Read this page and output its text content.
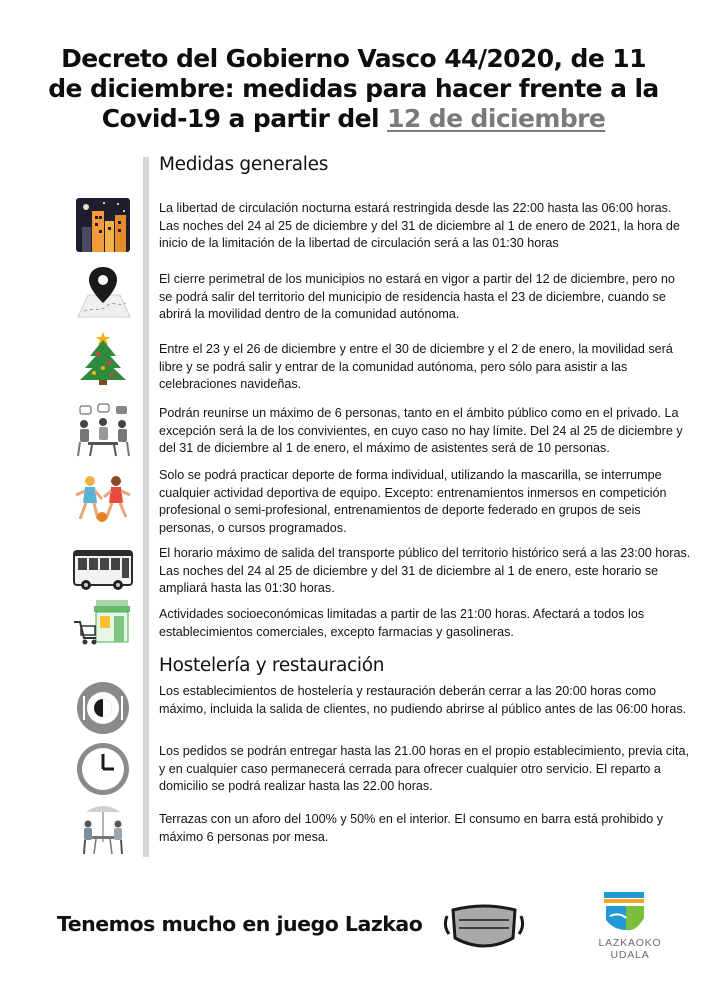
Decreto del Gobierno Vasco 44/2020, de 11
de diciembre: medidas para hacer frente a la
Covid-19 a partir del 12 de diciembre
Medidas generales
La libertad de circulación nocturna estará restringida desde las 22:00 hasta las 06:00 horas. Las noches del 24 al 25 de diciembre y del 31 de diciembre al 1 de enero de 2021, la hora de inicio de la limitación de la libertad de circulación será a las 01:30 horas
El cierre perimetral de los municipios no estará en vigor a partir del 12 de diciembre, pero no se podrá salir del territorio del municipio de residencia hasta el 23 de diciembre, cuando se abrirá la movilidad dentro de la comunidad autónoma.
Entre el 23 y el 26 de diciembre y entre el 30 de diciembre y el 2 de enero, la movilidad será libre y se podrá salir y entrar de la comunidad autónoma, pero sólo para asistir a las celebraciones navideñas.
Podrán reunirse un máximo de 6 personas, tanto en el ámbito público como en el privado. La excepción será la de los convivientes, en cuyo caso no hay límite. Del 24 al 25 de diciembre y del 31 de diciembre al 1 de enero, el máximo de asistentes será de 10 personas.
Solo se podrá practicar deporte de forma individual, utilizando la mascarilla, se interrumpe cualquier actividad deportiva de equipo. Excepto: entrenamientos inmersos en competición profesional o semi-profesional, entrenamientos de deporte federado en grupos de seis personas, o cursos programados.
El horario máximo de salida del transporte público del territorio histórico será a las 23:00 horas. Las noches del 24 al 25 de diciembre y del 31 de diciembre al 1 de enero, este horario se ampliará hasta las 01:30 horas.
Actividades socioeconómicas limitadas a partir de las 21:00 horas. Afectará a todos los establecimientos comerciales, excepto farmacias y gasolineras.
Hostelería y restauración
Los establecimientos de hostelería y restauración deberán cerrar a las 20:00 horas como máximo, incluida la salida de clientes, no pudiendo abrirse al público antes de las 06:00 horas.
Los pedidos se podrán entregar hasta las 21.00 horas en el propio establecimiento, previa cita, y en cualquier caso permanecerá cerrada para ofrecer cualquier otro servicio. El reparto a domicilio se podrá realizar hasta las 22.00 horas.
Terrazas con un aforo del 100% y 50% en el interior. El consumo en barra está prohibido y máximo 6 personas por mesa.
Tenemos mucho en juego Lazkao
LAZKAOKO
UDALA
